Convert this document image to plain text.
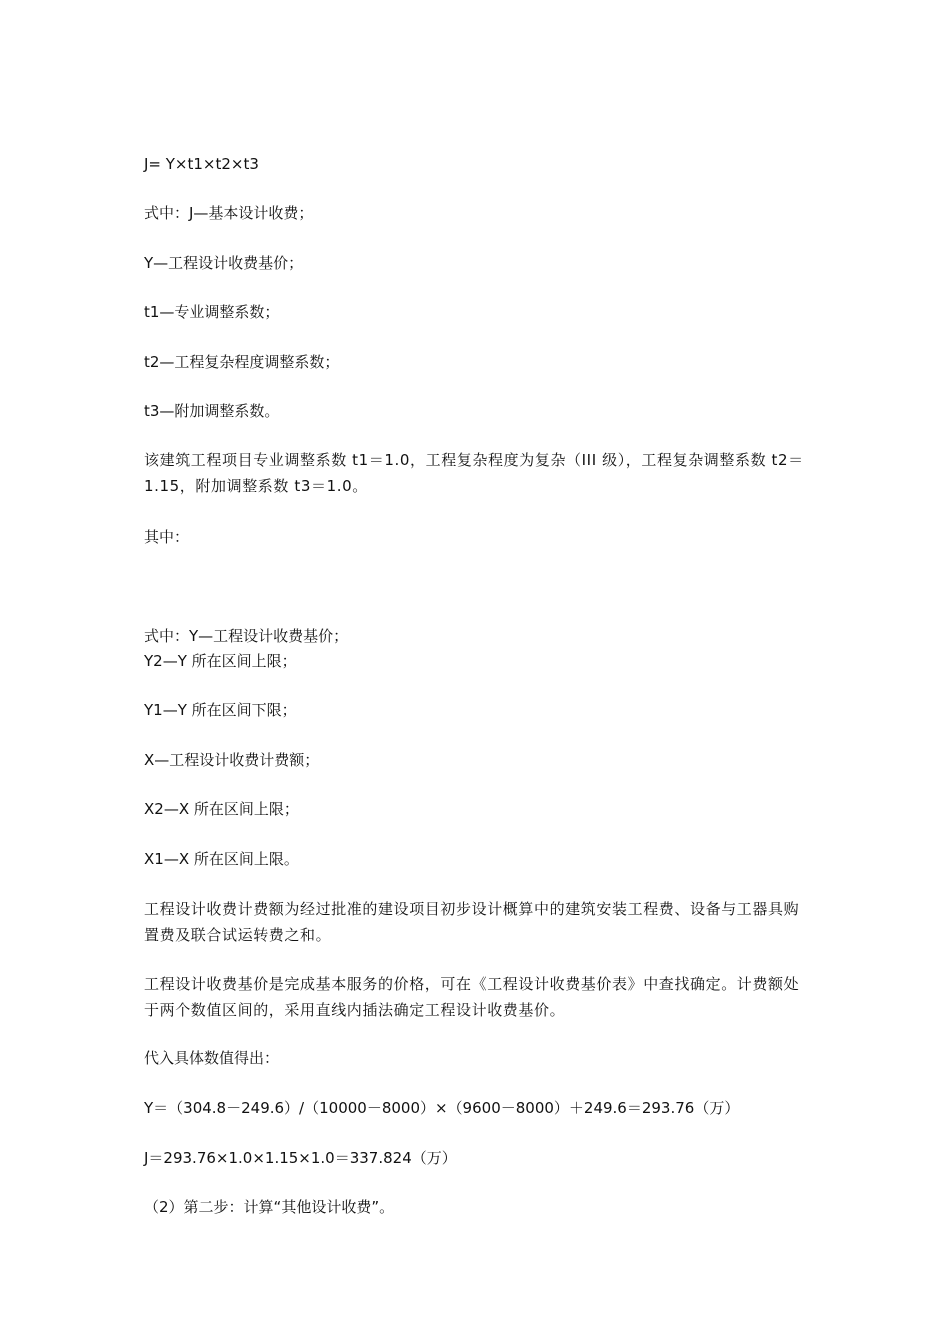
J= Y×t1×t2×t3
式中：J—基本设计收费；
Y—工程设计收费基价；
t1—专业调整系数；
t2—工程复杂程度调整系数；
t3—附加调整系数。
该建筑工程项目专业调整系数 t1＝1.0，工程复杂程度为复杂（III 级），工程复杂调整系数 t2＝1.15，附加调整系数 t3＝1.0。
其中：
式中：Y—工程设计收费基价；
Y2—Y 所在区间上限；
Y1—Y 所在区间下限；
X—工程设计收费计费额；
X2—X 所在区间上限；
X1—X 所在区间上限。
工程设计收费计费额为经过批准的建设项目初步设计概算中的建筑安装工程费、设备与工器具购置费及联合试运转费之和。
工程设计收费基价是完成基本服务的价格，可在《工程设计收费基价表》中查找确定。计费额处于两个数值区间的，采用直线内插法确定工程设计收费基价。
代入具体数值得出：
Y＝（304.8－249.6）/（10000－8000）×（9600－8000）＋249.6＝293.76（万）
J＝293.76×1.0×1.15×1.0＝337.824（万）
（2）第二步：计算“其他设计收费”。
